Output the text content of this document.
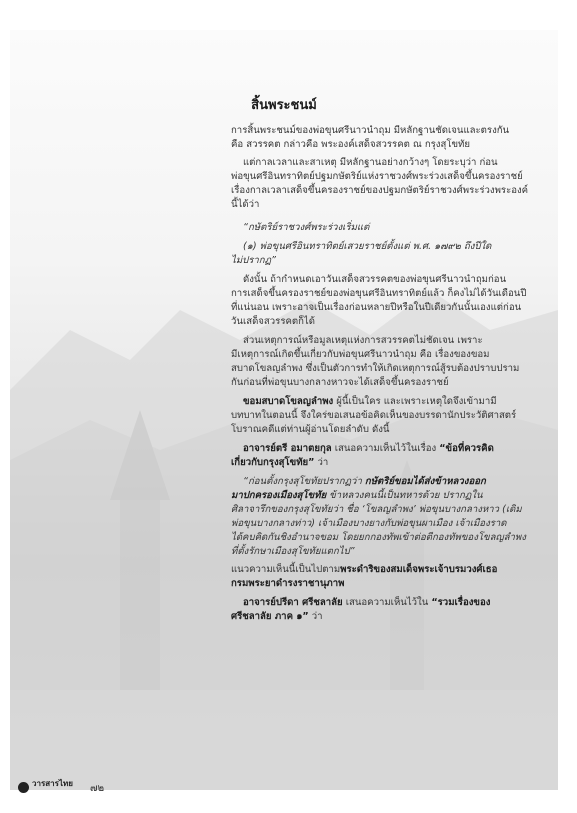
สิ้นพระชนม์
การสิ้นพระชนม์ของพ่อขุนศรีนาวนำถุม มีหลักฐานชัดเจนและตรงกัน
คือ สวรรคต กล่าวคือ พระองค์เสด็จสวรรคต ณ กรุงสุโขทัย
แต่กาลเวลาและสาเหตุ มีหลักฐานอย่างกว้างๆ โดยระบุว่า ก่อน
พ่อขุนศรีอินทราทิตย์ปฐมกษัตริย์แห่งราชวงศ์พระร่วงเสด็จขึ้นครองราชย์
เรื่องกาลเวลาเสด็จขึ้นครองราชย์ของปฐมกษัตริย์ราชวงศ์พระร่วงพระองค์
นี้ได้ว่า
“กษัตริย์ราชวงศ์พระร่วงเริ่มแต่
(๑) พ่อขุนศรีอินทราทิตย์เสวยราชย์ตั้งแต่ พ.ศ. ๑๗๙๒ ถึงปีใด
ไม่ปรากฏ”
ดังนั้น ถ้ากำหนดเอาวันเสด็จสวรรคตของพ่อขุนศรีนาวนำถุมก่อน
การเสด็จขึ้นครองราชย์ของพ่อขุนศรีอินทราทิตย์แล้ว ก็คงไม่ได้วันเดือนปี
ที่แน่นอน เพราะอาจเป็นเรื่องก่อนหลายปีหรือในปีเดียวกันนั้นเองแต่ก่อน
วันเสด็จสวรรคตก็ได้
ส่วนเหตุการณ์หรือมูลเหตุแห่งการสวรรคตไม่ชัดเจน เพราะ
มีเหตุการณ์เกิดขึ้นเกี่ยวกับพ่อขุนศรีนาวนำถุม คือ เรื่องของขอม
สบาดโขลญลำพง ซึ่งเป็นตัวการทำให้เกิดเหตุการณ์สู้รบต้องปราบปราม
กันก่อนที่พ่อขุนบางกลางหาวจะได้เสด็จขึ้นครองราชย์
ขอมสบาดโขลญลำพง ผู้นี้เป็นใคร และเพราะเหตุใดจึงเข้ามามี
บทบาทในตอนนี้ จึงใคร่ขอเสนอข้อคิดเห็นของบรรดานักประวัติศาสตร์
โบราณคดีแต่ท่านผู้อ่านโดยลำดับ ดังนี้
อาจารย์ตรี อมาตยกุล เสนอความเห็นไว้ในเรื่อง “ข้อที่ควรคิด
เกี่ยวกับกรุงสุโขทัย” ว่า
“ก่อนตั้งกรุงสุโขทัยปรากฏว่า กษัตริย์ขอมได้ส่งข้าหลวงออก
มาปกครองเมืองสุโขทัย ข้าหลวงคนนี้เป็นทหารด้วย ปรากฏใน
ศิลาจารึกของกรุงสุโขทัยว่า ชื่อ ‘โขลญลำพง’ พ่อขุนบางกลางหาว (เดิม
พ่อขุนบางกลางท่าว) เจ้าเมืองบางยางกับพ่อขุนผาเมือง เจ้าเมืองราด
ได้คบคิดกันชิงอำนาจขอม โดยยกกองทัพเข้าต่อตีกองทัพของโขลญลำพง
ที่ตั้งรักษาเมืองสุโขทัยแตกไป”
แนวความเห็นนี้เป็นไปตามพระดำริของสมเด็จพระเจ้าบรมวงศ์เธอ
กรมพระยาดำรงราชานุภาพ
อาจารย์ปรีดา ศรีชลาลัย เสนอความเห็นไว้ใน “รวมเรื่องของ
ศรีชลาลัย ภาค ๑” ว่า
วารสารไทย ๗๒
